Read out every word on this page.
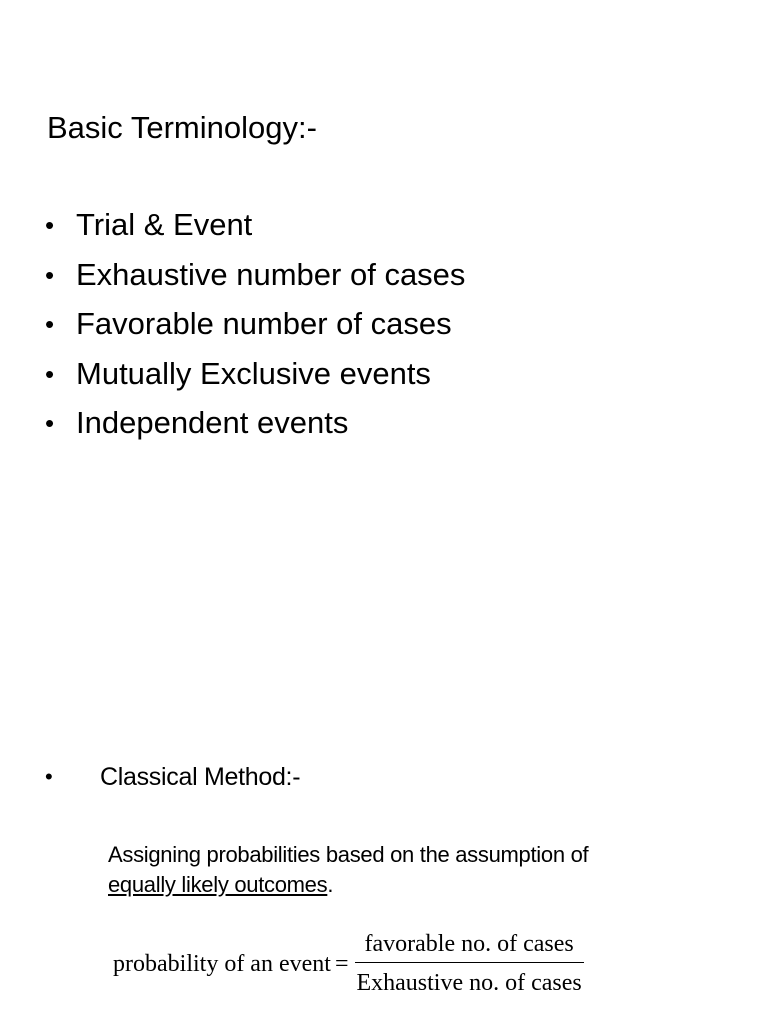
Basic Terminology:-
• Trial & Event
• Exhaustive number of cases
• Favorable number of cases
• Mutually Exclusive events
• Independent events
•	Classical Method:-
Assigning probabilities based on the assumption of
equally likely outcomes.
probability of an event = $\frac{\text{favorable no. of cases}}{\text{Exhaustive no. of cases}}$
